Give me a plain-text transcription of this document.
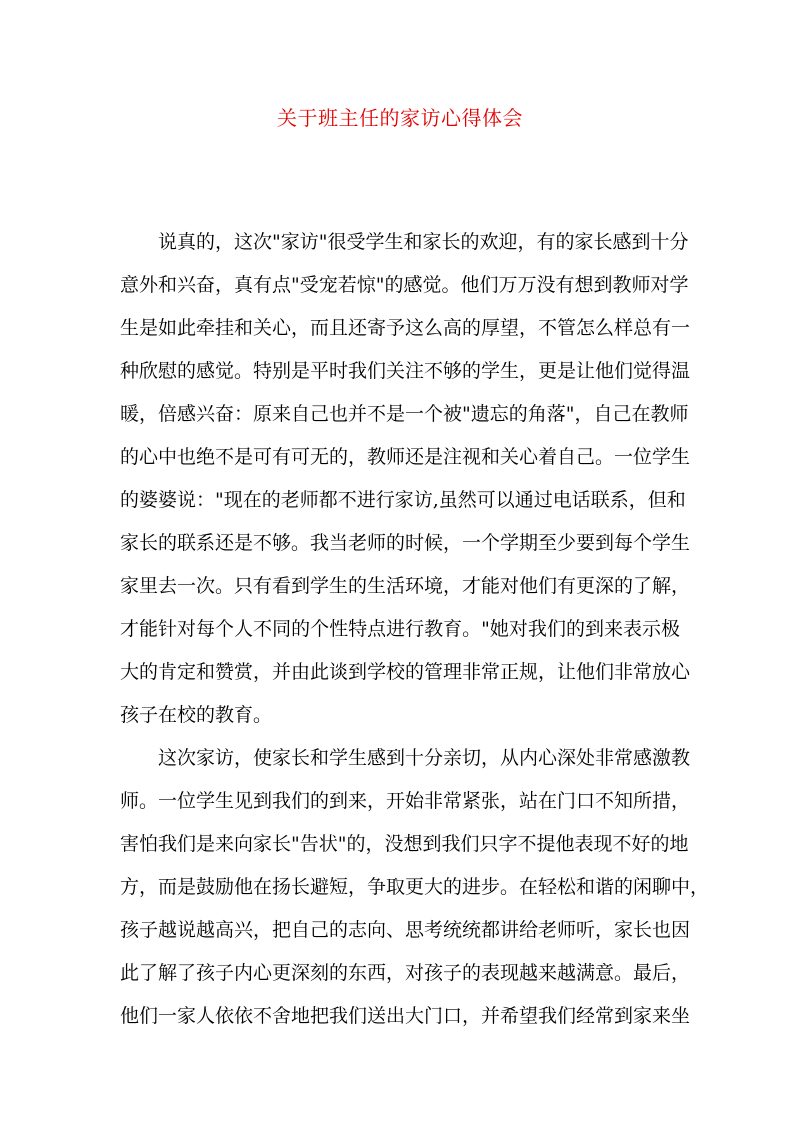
关于班主任的家访心得体会
说真的，这次"家访"很受学生和家长的欢迎，有的家长感到十分
意外和兴奋，真有点"受宠若惊"的感觉。他们万万没有想到教师对学
生是如此牵挂和关心，而且还寄予这么高的厚望，不管怎么样总有一
种欣慰的感觉。特别是平时我们关注不够的学生，更是让他们觉得温
暖，倍感兴奋：原来自己也并不是一个被"遗忘的角落"，自己在教师
的心中也绝不是可有可无的，教师还是注视和关心着自己。一位学生
的婆婆说："现在的老师都不进行家访,虽然可以通过电话联系，但和
家长的联系还是不够。我当老师的时候，一个学期至少要到每个学生
家里去一次。只有看到学生的生活环境，才能对他们有更深的了解，
才能针对每个人不同的个性特点进行教育。"她对我们的到来表示极
大的肯定和赞赏，并由此谈到学校的管理非常正规，让他们非常放心
孩子在校的教育。
这次家访，使家长和学生感到十分亲切，从内心深处非常感激教
师。一位学生见到我们的到来，开始非常紧张，站在门口不知所措，
害怕我们是来向家长"告状"的，没想到我们只字不提他表现不好的地
方，而是鼓励他在扬长避短，争取更大的进步。在轻松和谐的闲聊中，
孩子越说越高兴，把自己的志向、思考统统都讲给老师听，家长也因
此了解了孩子内心更深刻的东西，对孩子的表现越来越满意。最后，
他们一家人依依不舍地把我们送出大门口，并希望我们经常到家来坐
